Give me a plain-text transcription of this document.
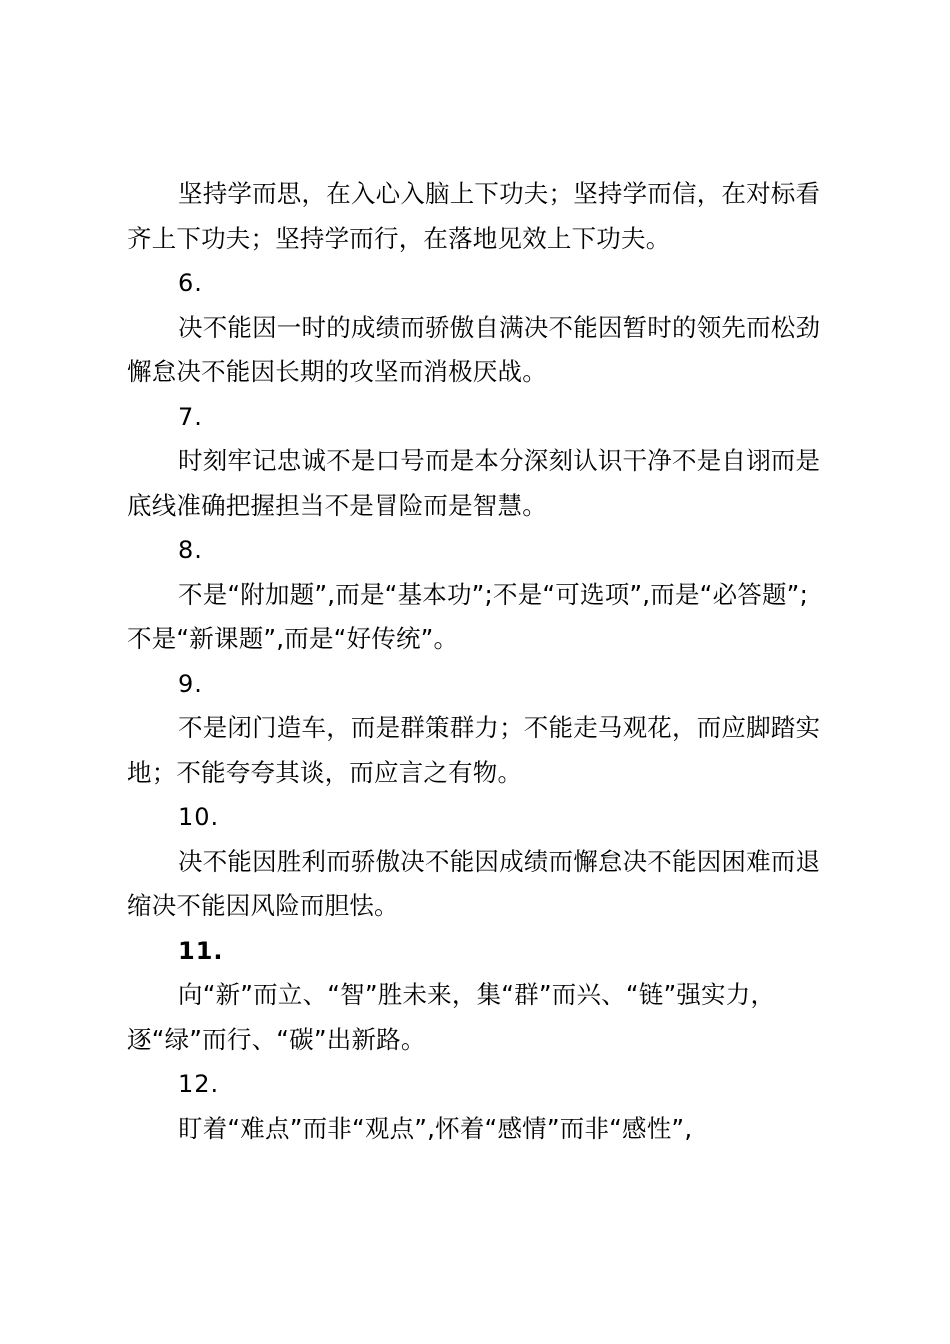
坚持学而思，在入心入脑上下功夫；坚持学而信，在对标看齐上下功夫；坚持学而行，在落地见效上下功夫。

6.

决不能因一时的成绩而骄傲自满决不能因暂时的领先而松劲懈怠决不能因长期的攻坚而消极厌战。

7.

时刻牢记忠诚不是口号而是本分深刻认识干净不是自诩而是底线准确把握担当不是冒险而是智慧。

8.

不是“附加题”,而是“基本功”;不是“可选项”,而是“必答题”;不是“新课题”,而是“好传统”。

9.

不是闭门造车，而是群策群力；不能走马观花，而应脚踏实地；不能夸夸其谈，而应言之有物。

10.

决不能因胜利而骄傲决不能因成绩而懈怠决不能因困难而退缩决不能因风险而胆怯。

11.

向“新”而立、“智”胜未来，集“群”而兴、“链”强实力，逐“绿”而行、“碳”出新路。

12.

盯着“难点”而非“观点”,怀着“感情”而非“感性”,
